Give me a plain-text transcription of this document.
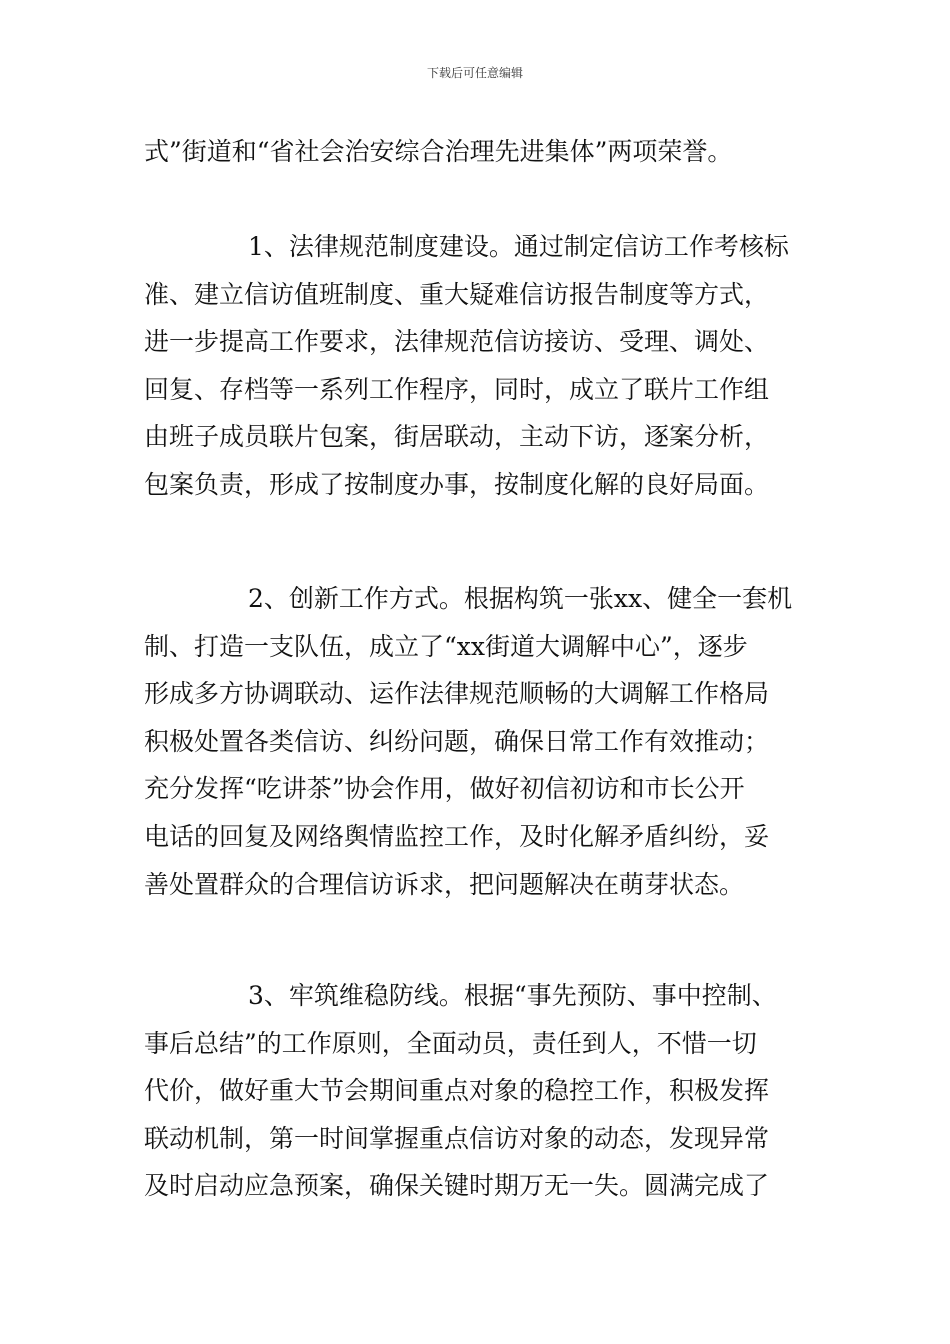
下载后可任意编辑

式”街道和“省社会治安综合治理先进集体”两项荣誉。

1、法律规范制度建设。通过制定信访工作考核标
准、建立信访值班制度、重大疑难信访报告制度等方式，
进一步提高工作要求，法律规范信访接访、受理、调处、
回复、存档等一系列工作程序，同时，成立了联片工作组
由班子成员联片包案，街居联动，主动下访，逐案分析，
包案负责，形成了按制度办事，按制度化解的良好局面。

2、创新工作方式。根据构筑一张xx、健全一套机
制、打造一支队伍，成立了“xx街道大调解中心”，逐步
形成多方协调联动、运作法律规范顺畅的大调解工作格局
积极处置各类信访、纠纷问题，确保日常工作有效推动；
充分发挥“吃讲茶”协会作用，做好初信初访和市长公开
电话的回复及网络舆情监控工作，及时化解矛盾纠纷，妥
善处置群众的合理信访诉求，把问题解决在萌芽状态。

3、牢筑维稳防线。根据“事先预防、事中控制、
事后总结”的工作原则，全面动员，责任到人，不惜一切
代价，做好重大节会期间重点对象的稳控工作，积极发挥
联动机制，第一时间掌握重点信访对象的动态，发现异常
及时启动应急预案，确保关键时期万无一失。圆满完成了
